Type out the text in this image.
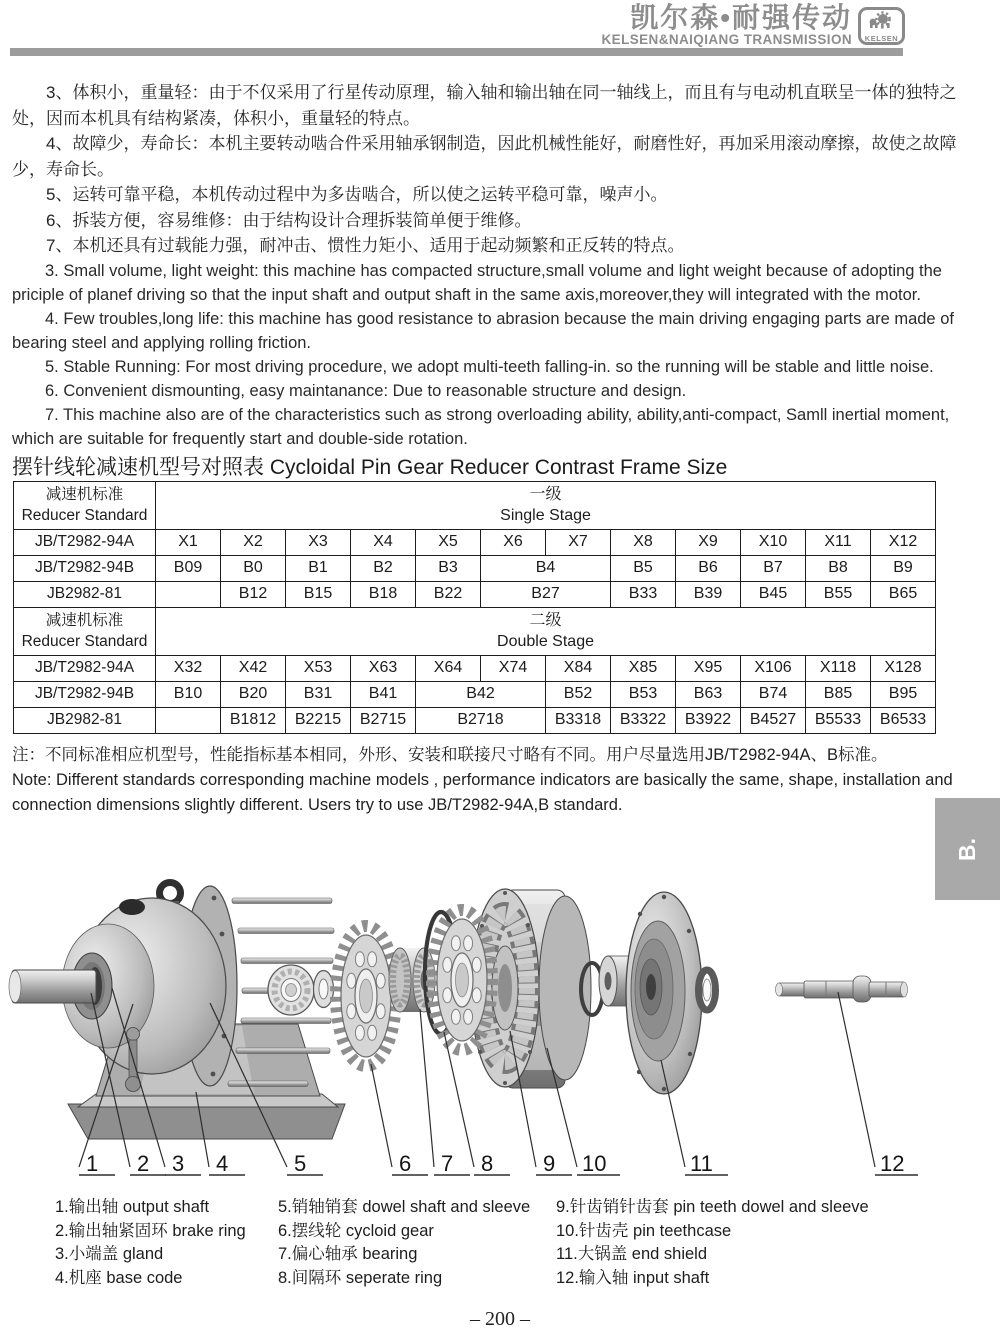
凯尔森•耐强传动
KELSEN&NAIQIANG TRANSMISSION	KELSEN

3、体积小，重量轻：由于不仅采用了行星传动原理，输入轴和输出轴在同一轴线上，而且有与电动机直联呈一体的独特之处，因而本机具有结构紧凑，体积小，重量轻的特点。

4、故障少，寿命长：本机主要转动啮合件采用轴承钢制造，因此机械性能好，耐磨性好，再加采用滚动摩擦，故使之故障少，寿命长。

5、运转可靠平稳，本机传动过程中为多齿啮合，所以使之运转平稳可靠，噪声小。

6、拆装方便，容易维修：由于结构设计合理拆装简单便于维修。

7、本机还具有过载能力强，耐冲击、惯性力矩小、适用于起动频繁和正反转的特点。

3. Small volume, light weight: this machine has compacted structure,small volume and light weight because of adopting the priciple of planef driving so that the input shaft and output shaft in the same axis,moreover,they will integrated with the motor.

4. Few troubles,long life: this machine has good resistance to abrasion because the main driving engaging parts are made of bearing steel and applying rolling friction.

5. Stable Running: For most driving procedure, we adopt multi-teeth falling-in. so the running will be stable and little noise.

6. Convenient dismounting, easy maintanance: Due to reasonable structure and design.

7. This machine also are of the characteristics such as strong overloading ability, ability,anti-compact, Samll inertial moment, which are suitable for frequently start and double-side rotation.

摆针线轮减速机型号对照表 Cycloidal Pin Gear Reducer Contrast Frame Size

减速机标准
Reducer Standard

一级
Single Stage

JB/T2982-94A	X1	X2	X3	X4	X5	X6	X7	X8	X9	X10	X11	X12
JB/T2982-94B	B09	B0	B1	B2	B3	B4		B5	B6	B7	B8	B9
JB2982-81		B12	B15	B18	B22	B27		B33	B39	B45	B55	B65

减速机标准
Reducer Standard

二级
Double Stage

JB/T2982-94A	X32	X42	X53	X63	X64	X74	X84	X85	X95	X106	X118	X128
JB/T2982-94B	B10	B20	B31	B41	B42		B52	B53	B63	B74	B85	B95
JB2982-81		B1812	B2215	B2715	B2718		B3318	B3322	B3922	B4527	B5533	B6533
注：不同标准相应机型号，性能指标基本相同，外形、安装和联接尺寸略有不同。用户尽量选用JB/T2982-94A、B标准。
Note: Different standards corresponding machine models , performance indicators are basically the same, shape, installation and connection dimensions slightly different. Users try to use JB/T2982-94A,B standard.
B.
1 2 3 4	5	6 7 8 9 10	11	12
1.输出轴 output shaft
2.输出轴紧固环 brake ring
3.小端盖 gland
4.机座 base code
5.销轴销套 dowel shaft and sleeve
6.摆线轮 cycloid gear
7.偏心轴承 bearing
8.间隔环 seperate ring
9.针齿销针齿套 pin teeth dowel and sleeve
10.针齿壳 pin teethcase
11.大锅盖 end shield
12.输入轴 input shaft
– 200 –
